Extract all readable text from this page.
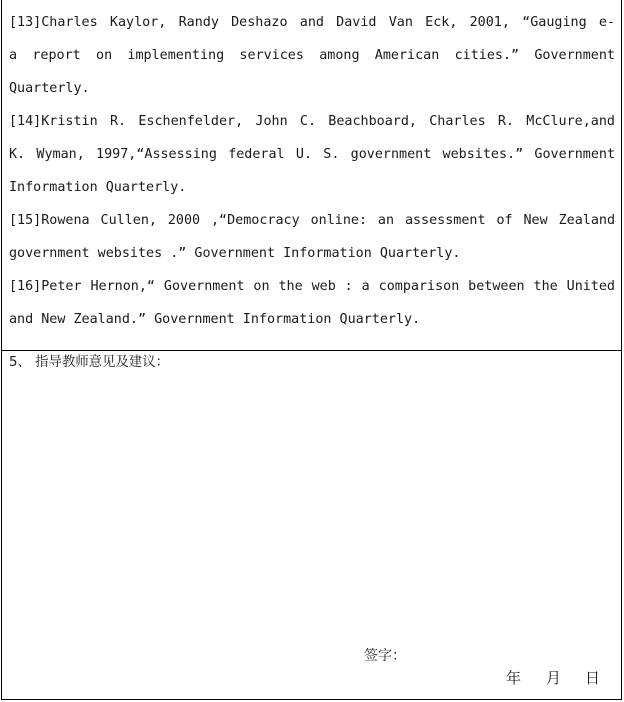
[13]Charles Kaylor, Randy Deshazo and David Van Eck, 2001, “Gauging e-
a report on implementing services among American cities.” Government
Quarterly.
[14]Kristin R. Eschenfelder, John C. Beachboard, Charles R. McClure,and
K. Wyman, 1997,“Assessing federal U. S. government websites.” Government
Information Quarterly.
[15]Rowena Cullen, 2000 ,“Democracy online: an assessment of New Zealand
government websites .” Government Information Quarterly.
[16]Peter Hernon,“ Government on the web : a comparison between the United
and New Zealand.” Government Information Quarterly.
5、 指导教师意见及建议：
签字：
年 月 日
